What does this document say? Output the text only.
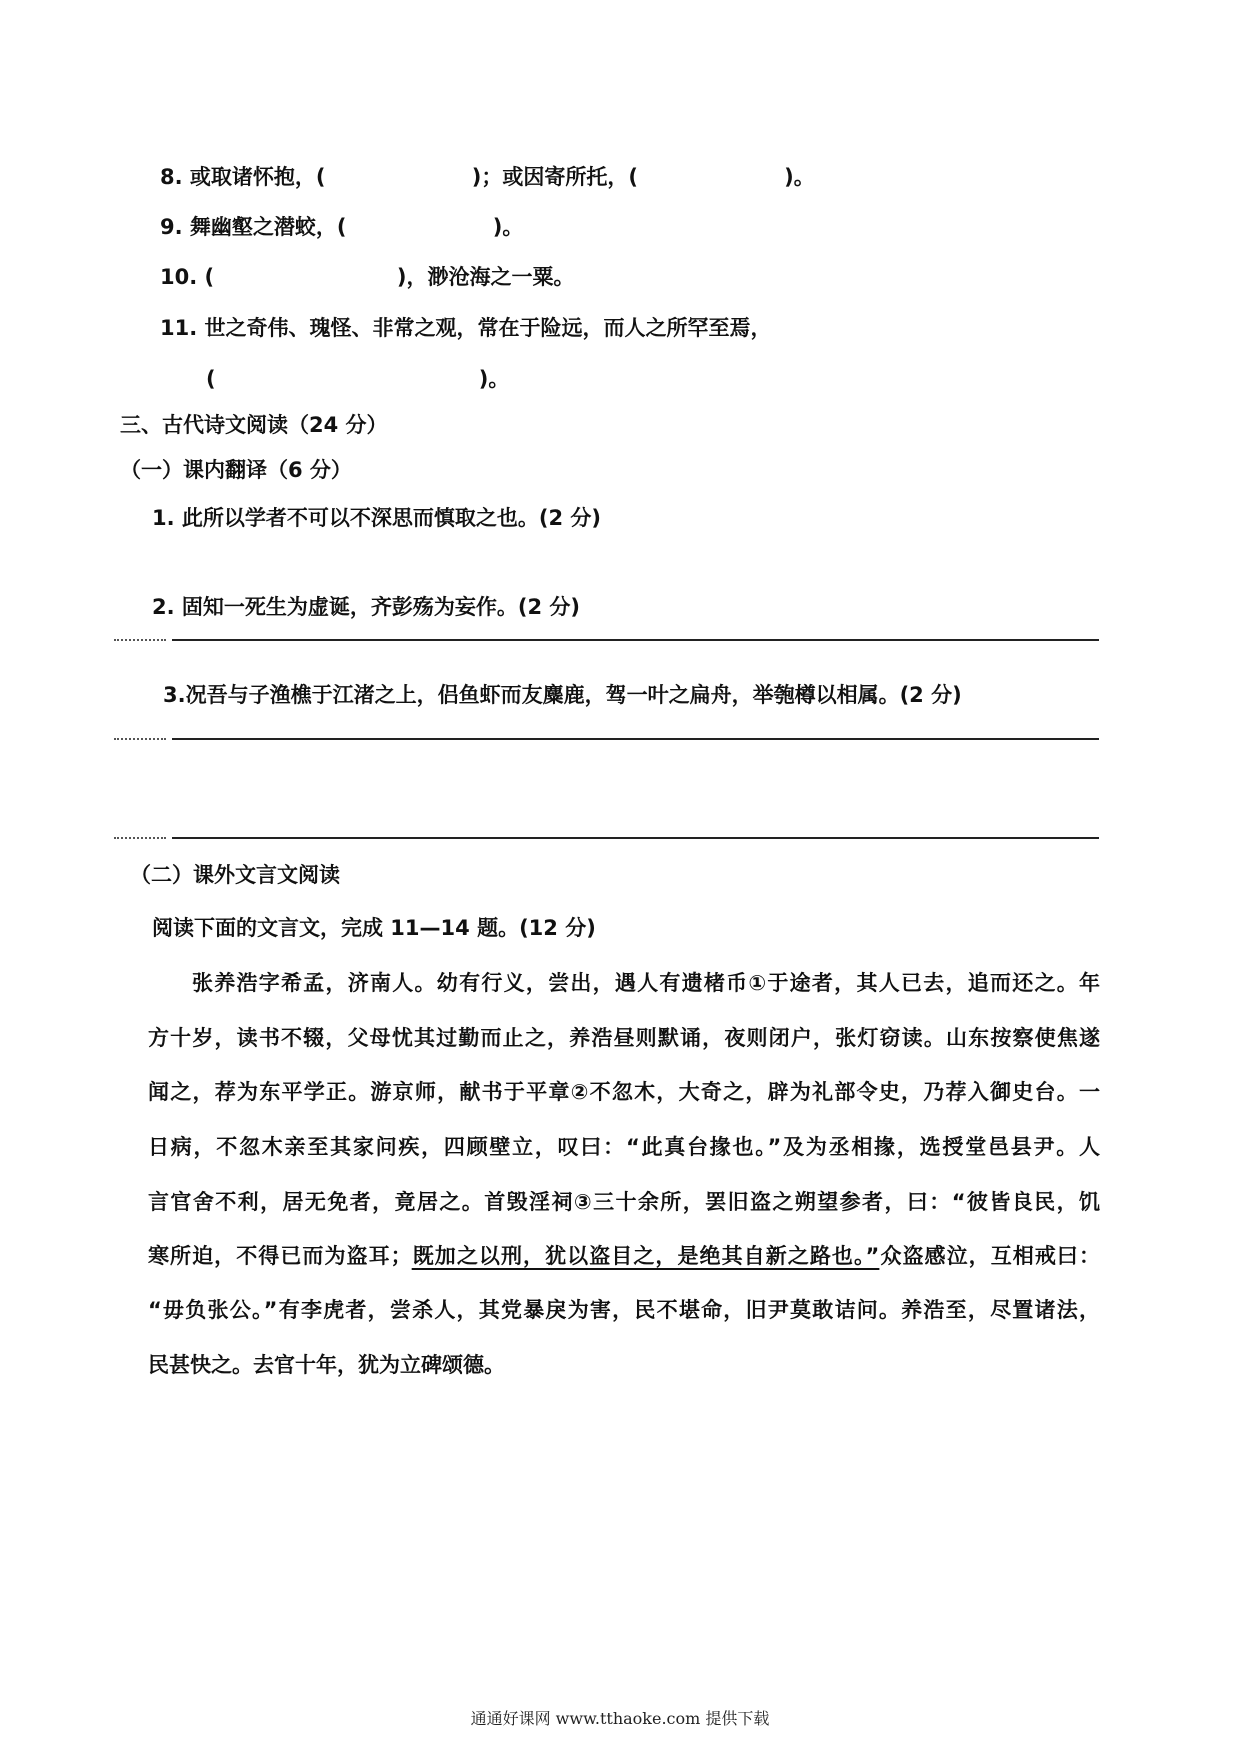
8. 或取诸怀抱，(                    )；或因寄所托，(                    )。
9. 舞幽壑之潜蛟，(                    )。
10. (                         )，渺沧海之一粟。
11. 世之奇伟、瑰怪、非常之观，常在于险远，而人之所罕至焉，
(                                    )。
三、古代诗文阅读（24 分）
（一）课内翻译（6 分）
1. 此所以学者不可以不深思而慎取之也。(2 分)
2. 固知一死生为虚诞，齐彭殇为妄作。(2 分)
3.况吾与子渔樵于江渚之上，侣鱼虾而友麋鹿，驾一叶之扁舟，举匏樽以相属。(2 分)
（二）课外文言文阅读
阅读下面的文言文，完成 11—14 题。(12 分)
张养浩字希孟，济南人。幼有行义，尝出，遇人有遗楮币①于途者，其人已去，追而还之。年
方十岁，读书不辍，父母忧其过勤而止之，养浩昼则默诵，夜则闭户，张灯窃读。山东按察使焦遂
闻之，荐为东平学正。游京师，献书于平章②不忽木，大奇之，辟为礼部令史，乃荐入御史台。一
日病，不忽木亲至其家问疾，四顾壁立，叹曰：“此真台掾也。”及为丞相掾，选授堂邑县尹。人
言官舍不利，居无免者，竟居之。首毁淫祠③三十余所，罢旧盗之朔望参者，曰：“彼皆良民，饥
寒所迫，不得已而为盗耳；既加之以刑，犹以盗目之，是绝其自新之路也。”众盗感泣，互相戒曰：
“毋负张公。”有李虎者，尝杀人，其党暴戾为害，民不堪命，旧尹莫敢诘问。养浩至，尽置诸法，
民甚快之。去官十年，犹为立碑颂德。
通通好课网 www.tthaoke.com 提供下载
